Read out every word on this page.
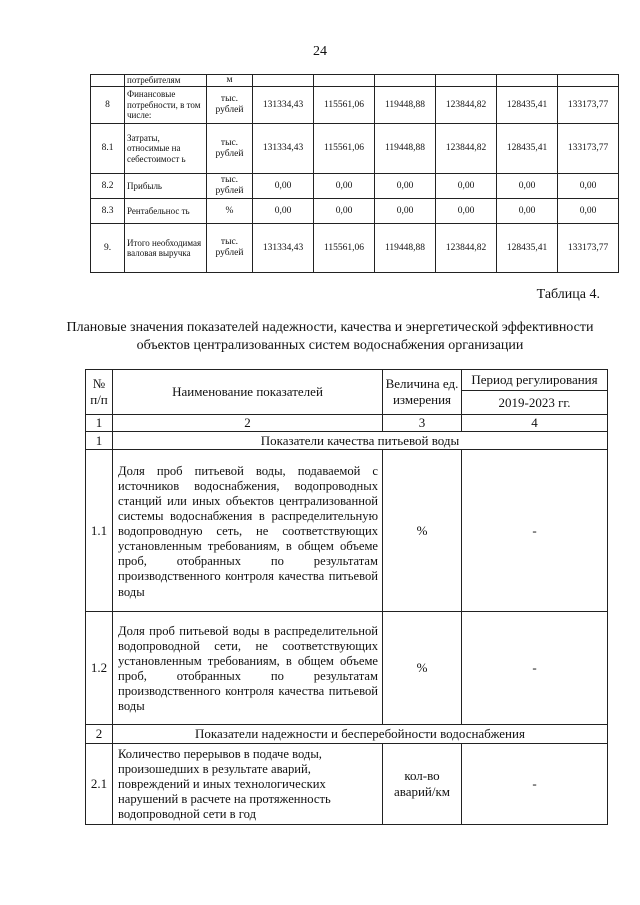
24
	потребителям	м						
8	Финансовые потребности, в том числе:	тыс. рублей	131334,43	115561,06	119448,88	123844,82	128435,41	133173,77
8.1	Затраты, относимые на себестоимост ь	тыс. рублей	131334,43	115561,06	119448,88	123844,82	128435,41	133173,77
8.2	Прибыль	тыс. рублей	0,00	0,00	0,00	0,00	0,00	0,00
8.3	Рентабельнос ть	%	0,00	0,00	0,00	0,00	0,00	0,00
9.	Итого необходимая валовая выручка	тыс. рублей	131334,43	115561,06	119448,88	123844,82	128435,41	133173,77
Таблица 4.
Плановые значения показателей надежности, качества и энергетической эффективности объектов централизованных систем водоснабжения организации
№ п/п	Наименование показателей	Величина ед. измерения	Период регулирования
			2019-2023 гг.
1	2	3	4
1	Показатели качества питьевой воды		
1.1	Доля проб питьевой воды, подаваемой с источников водоснабжения, водопроводных станций или иных объектов централизованной системы водоснабжения в распределительную водопроводную сеть, не соответствующих установленным требованиям, в общем объеме проб, отобранных по результатам производственного контроля качества питьевой воды	%	-
1.2	Доля проб питьевой воды в распределительной водопроводной сети, не соответствующих установленным требованиям, в общем объеме проб, отобранных по результатам производственного контроля качества питьевой воды	%	-
2	Показатели надежности и бесперебойности водоснабжения		
2.1	Количество перерывов в подаче воды, произошедших в результате аварий, повреждений и иных технологических нарушений в расчете на протяженность водопроводной сети в год	кол-во аварий/км	-
